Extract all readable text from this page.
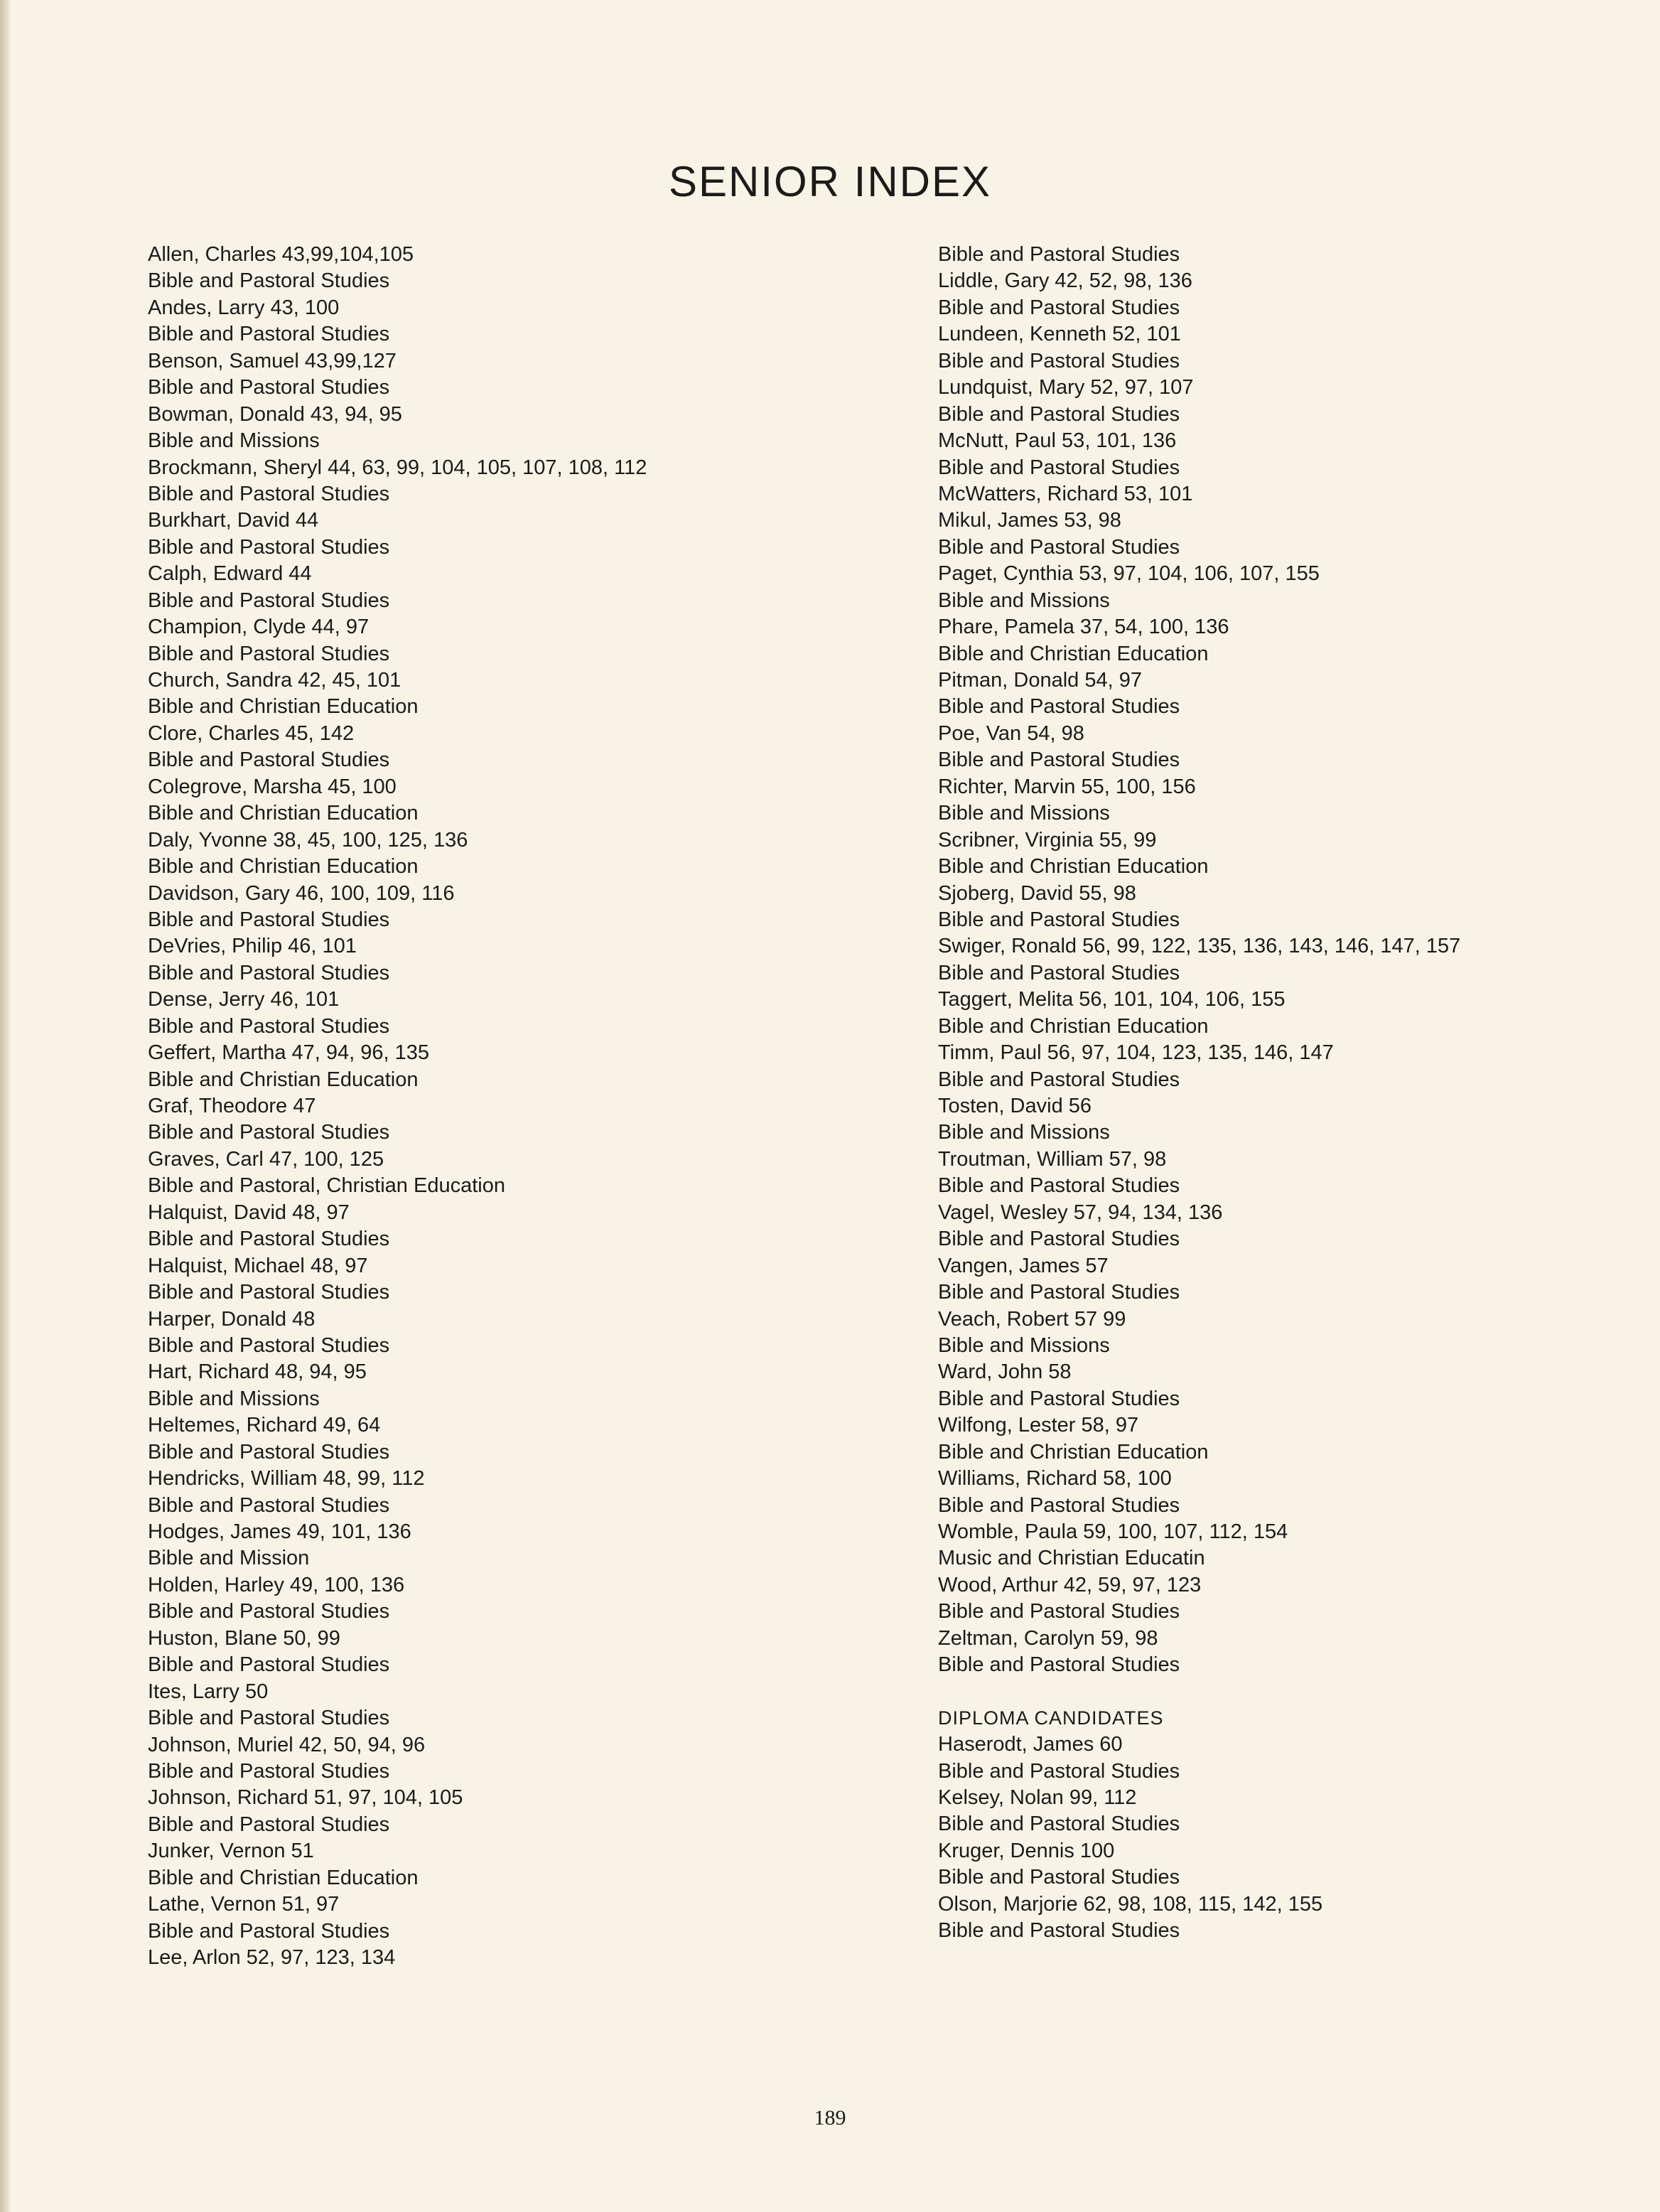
SENIOR INDEX
Allen, Charles 43,99,104,105
Bible and Pastoral Studies
Andes, Larry 43, 100
Bible and Pastoral Studies
Benson, Samuel 43,99,127
Bible and Pastoral Studies
Bowman, Donald 43, 94, 95
Bible and Missions
Brockmann, Sheryl 44, 63, 99, 104, 105, 107, 108, 112
Bible and Pastoral Studies
Burkhart, David 44
Bible and Pastoral Studies
Calph, Edward 44
Bible and Pastoral Studies
Champion, Clyde 44, 97
Bible and Pastoral Studies
Church, Sandra 42, 45, 101
Bible and Christian Education
Clore, Charles 45, 142
Bible and Pastoral Studies
Colegrove, Marsha 45, 100
Bible and Christian Education
Daly, Yvonne 38, 45, 100, 125, 136
Bible and Christian Education
Davidson, Gary 46, 100, 109, 116
Bible and Pastoral Studies
DeVries, Philip 46, 101
Bible and Pastoral Studies
Dense, Jerry 46, 101
Bible and Pastoral Studies
Geffert, Martha 47, 94, 96, 135
Bible and Christian Education
Graf, Theodore 47
Bible and Pastoral Studies
Graves, Carl 47, 100, 125
Bible and Pastoral, Christian Education
Halquist, David 48, 97
Bible and Pastoral Studies
Halquist, Michael 48, 97
Bible and Pastoral Studies
Harper, Donald 48
Bible and Pastoral Studies
Hart, Richard 48, 94, 95
Bible and Missions
Heltemes, Richard 49, 64
Bible and Pastoral Studies
Hendricks, William 48, 99, 112
Bible and Pastoral Studies
Hodges, James 49, 101, 136
Bible and Mission
Holden, Harley 49, 100, 136
Bible and Pastoral Studies
Huston, Blane 50, 99
Bible and Pastoral Studies
Ites, Larry 50
Bible and Pastoral Studies
Johnson, Muriel 42, 50, 94, 96
Bible and Pastoral Studies
Johnson, Richard 51, 97, 104, 105
Bible and Pastoral Studies
Junker, Vernon 51
Bible and Christian Education
Lathe, Vernon 51, 97
Bible and Pastoral Studies
Lee, Arlon 52, 97, 123, 134
Bible and Pastoral Studies
Liddle, Gary 42, 52, 98, 136
Bible and Pastoral Studies
Lundeen, Kenneth 52, 101
Bible and Pastoral Studies
Lundquist, Mary 52, 97, 107
Bible and Pastoral Studies
McNutt, Paul 53, 101, 136
Bible and Pastoral Studies
McWatters, Richard 53, 101
Mikul, James 53, 98
Bible and Pastoral Studies
Paget, Cynthia 53, 97, 104, 106, 107, 155
Bible and Missions
Phare, Pamela 37, 54, 100, 136
Bible and Christian Education
Pitman, Donald 54, 97
Bible and Pastoral Studies
Poe, Van 54, 98
Bible and Pastoral Studies
Richter, Marvin 55, 100, 156
Bible and Missions
Scribner, Virginia 55, 99
Bible and Christian Education
Sjoberg, David 55, 98
Bible and Pastoral Studies
Swiger, Ronald 56, 99, 122, 135, 136, 143, 146, 147, 157
Bible and Pastoral Studies
Taggert, Melita 56, 101, 104, 106, 155
Bible and Christian Education
Timm, Paul 56, 97, 104, 123, 135, 146, 147
Bible and Pastoral Studies
Tosten, David 56
Bible and Missions
Troutman, William 57, 98
Bible and Pastoral Studies
Vagel, Wesley 57, 94, 134, 136
Bible and Pastoral Studies
Vangen, James 57
Bible and Pastoral Studies
Veach, Robert 57 99
Bible and Missions
Ward, John 58
Bible and Pastoral Studies
Wilfong, Lester 58, 97
Bible and Christian Education
Williams, Richard 58, 100
Bible and Pastoral Studies
Womble, Paula 59, 100, 107, 112, 154
Music and Christian Educatin
Wood, Arthur 42, 59, 97, 123
Bible and Pastoral Studies
Zeltman, Carolyn 59, 98
Bible and Pastoral Studies
DIPLOMA CANDIDATES
Haserodt, James 60
Bible and Pastoral Studies
Kelsey, Nolan 99, 112
Bible and Pastoral Studies
Kruger, Dennis 100
Bible and Pastoral Studies
Olson, Marjorie 62, 98, 108, 115, 142, 155
Bible and Pastoral Studies
189
